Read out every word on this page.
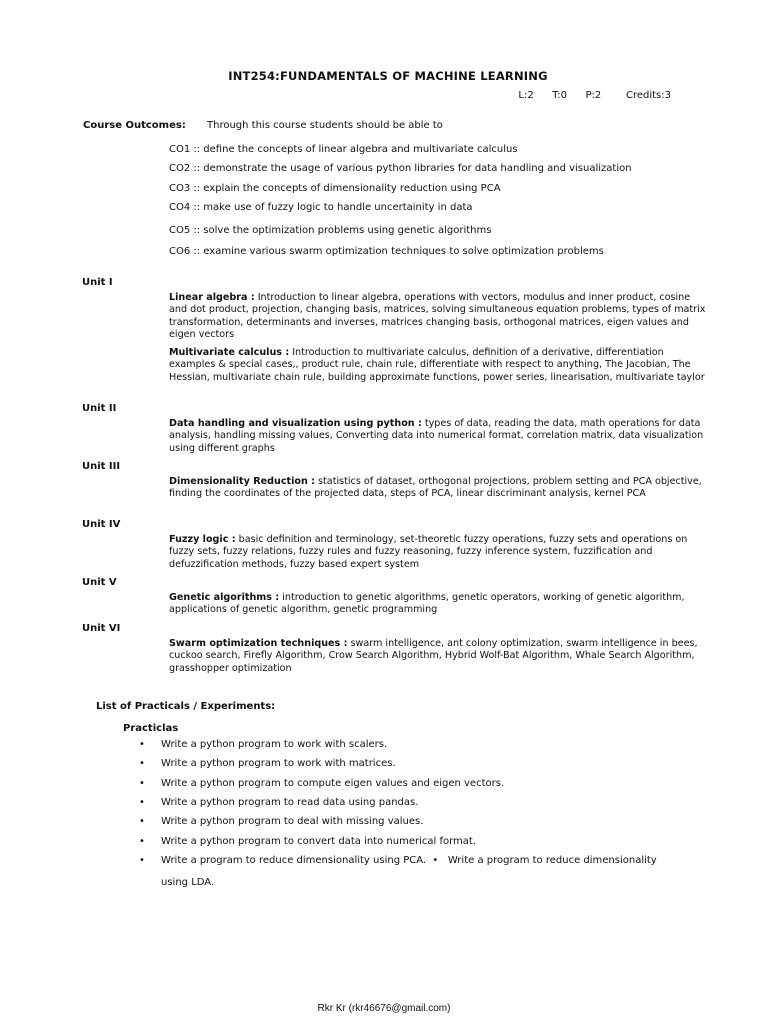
INT254:FUNDAMENTALS OF MACHINE LEARNING
L:2   T:0   P:2    Credits:3
Course Outcomes: Through this course students should be able to
CO1 :: define the concepts of linear algebra and multivariate calculus
CO2 :: demonstrate the usage of various python libraries for data handling and visualization
CO3 :: explain the concepts of dimensionality reduction using PCA
CO4 :: make use of fuzzy logic to handle uncertainity in data
CO5 :: solve the optimization problems using genetic algorithms
CO6 :: examine various swarm optimization techniques to solve optimization problems
Unit I
Linear algebra : Introduction to linear algebra, operations with vectors, modulus and inner product, cosine and dot product, projection, changing basis, matrices, solving simultaneous equation problems, types of matrix transformation, determinants and inverses, matrices changing basis, orthogonal matrices, eigen values and eigen vectors
Multivariate calculus : Introduction to multivariate calculus, definition of a derivative, differentiation examples & special cases,, product rule, chain rule, differentiate with respect to anything, The Jacobian, The Hessian, multivariate chain rule, building approximate functions, power series, linearisation, multivariate taylor
Unit II
Data handling and visualization using python : types of data, reading the data, math operations for data analysis, handling missing values, Converting data into numerical format, correlation matrix, data visualization using different graphs
Unit III
Dimensionality Reduction : statistics of dataset, orthogonal projections, problem setting and PCA objective, finding the coordinates of the projected data, steps of PCA, linear discriminant analysis, kernel PCA
Unit IV
Fuzzy logic : basic definition and terminology, set-theoretic fuzzy operations, fuzzy sets and operations on fuzzy sets, fuzzy relations, fuzzy rules and fuzzy reasoning, fuzzy inference system, fuzzification and defuzzification methods, fuzzy based expert system
Unit V
Genetic algorithms : introduction to genetic algorithms, genetic operators, working of genetic algorithm, applications of genetic algorithm, genetic programming
Unit VI
Swarm optimization techniques : swarm intelligence, ant colony optimization, swarm intelligence in bees, cuckoo search, Firefly Algorithm, Crow Search Algorithm, Hybrid Wolf-Bat Algorithm, Whale Search Algorithm, grasshopper optimization
List of Practicals / Experiments:
Practiclas
• Write a python program to work with scalers.
• Write a python program to work with matrices.
• Write a python program to compute eigen values and eigen vectors.
• Write a python program to read data using pandas.
• Write a python program to deal with missing values.
• Write a python program to convert data into numerical format.
• Write a program to reduce dimensionality using PCA.  •   Write a program to reduce dimensionality
using LDA.
Rkr Kr (rkr46676@gmail.com)
